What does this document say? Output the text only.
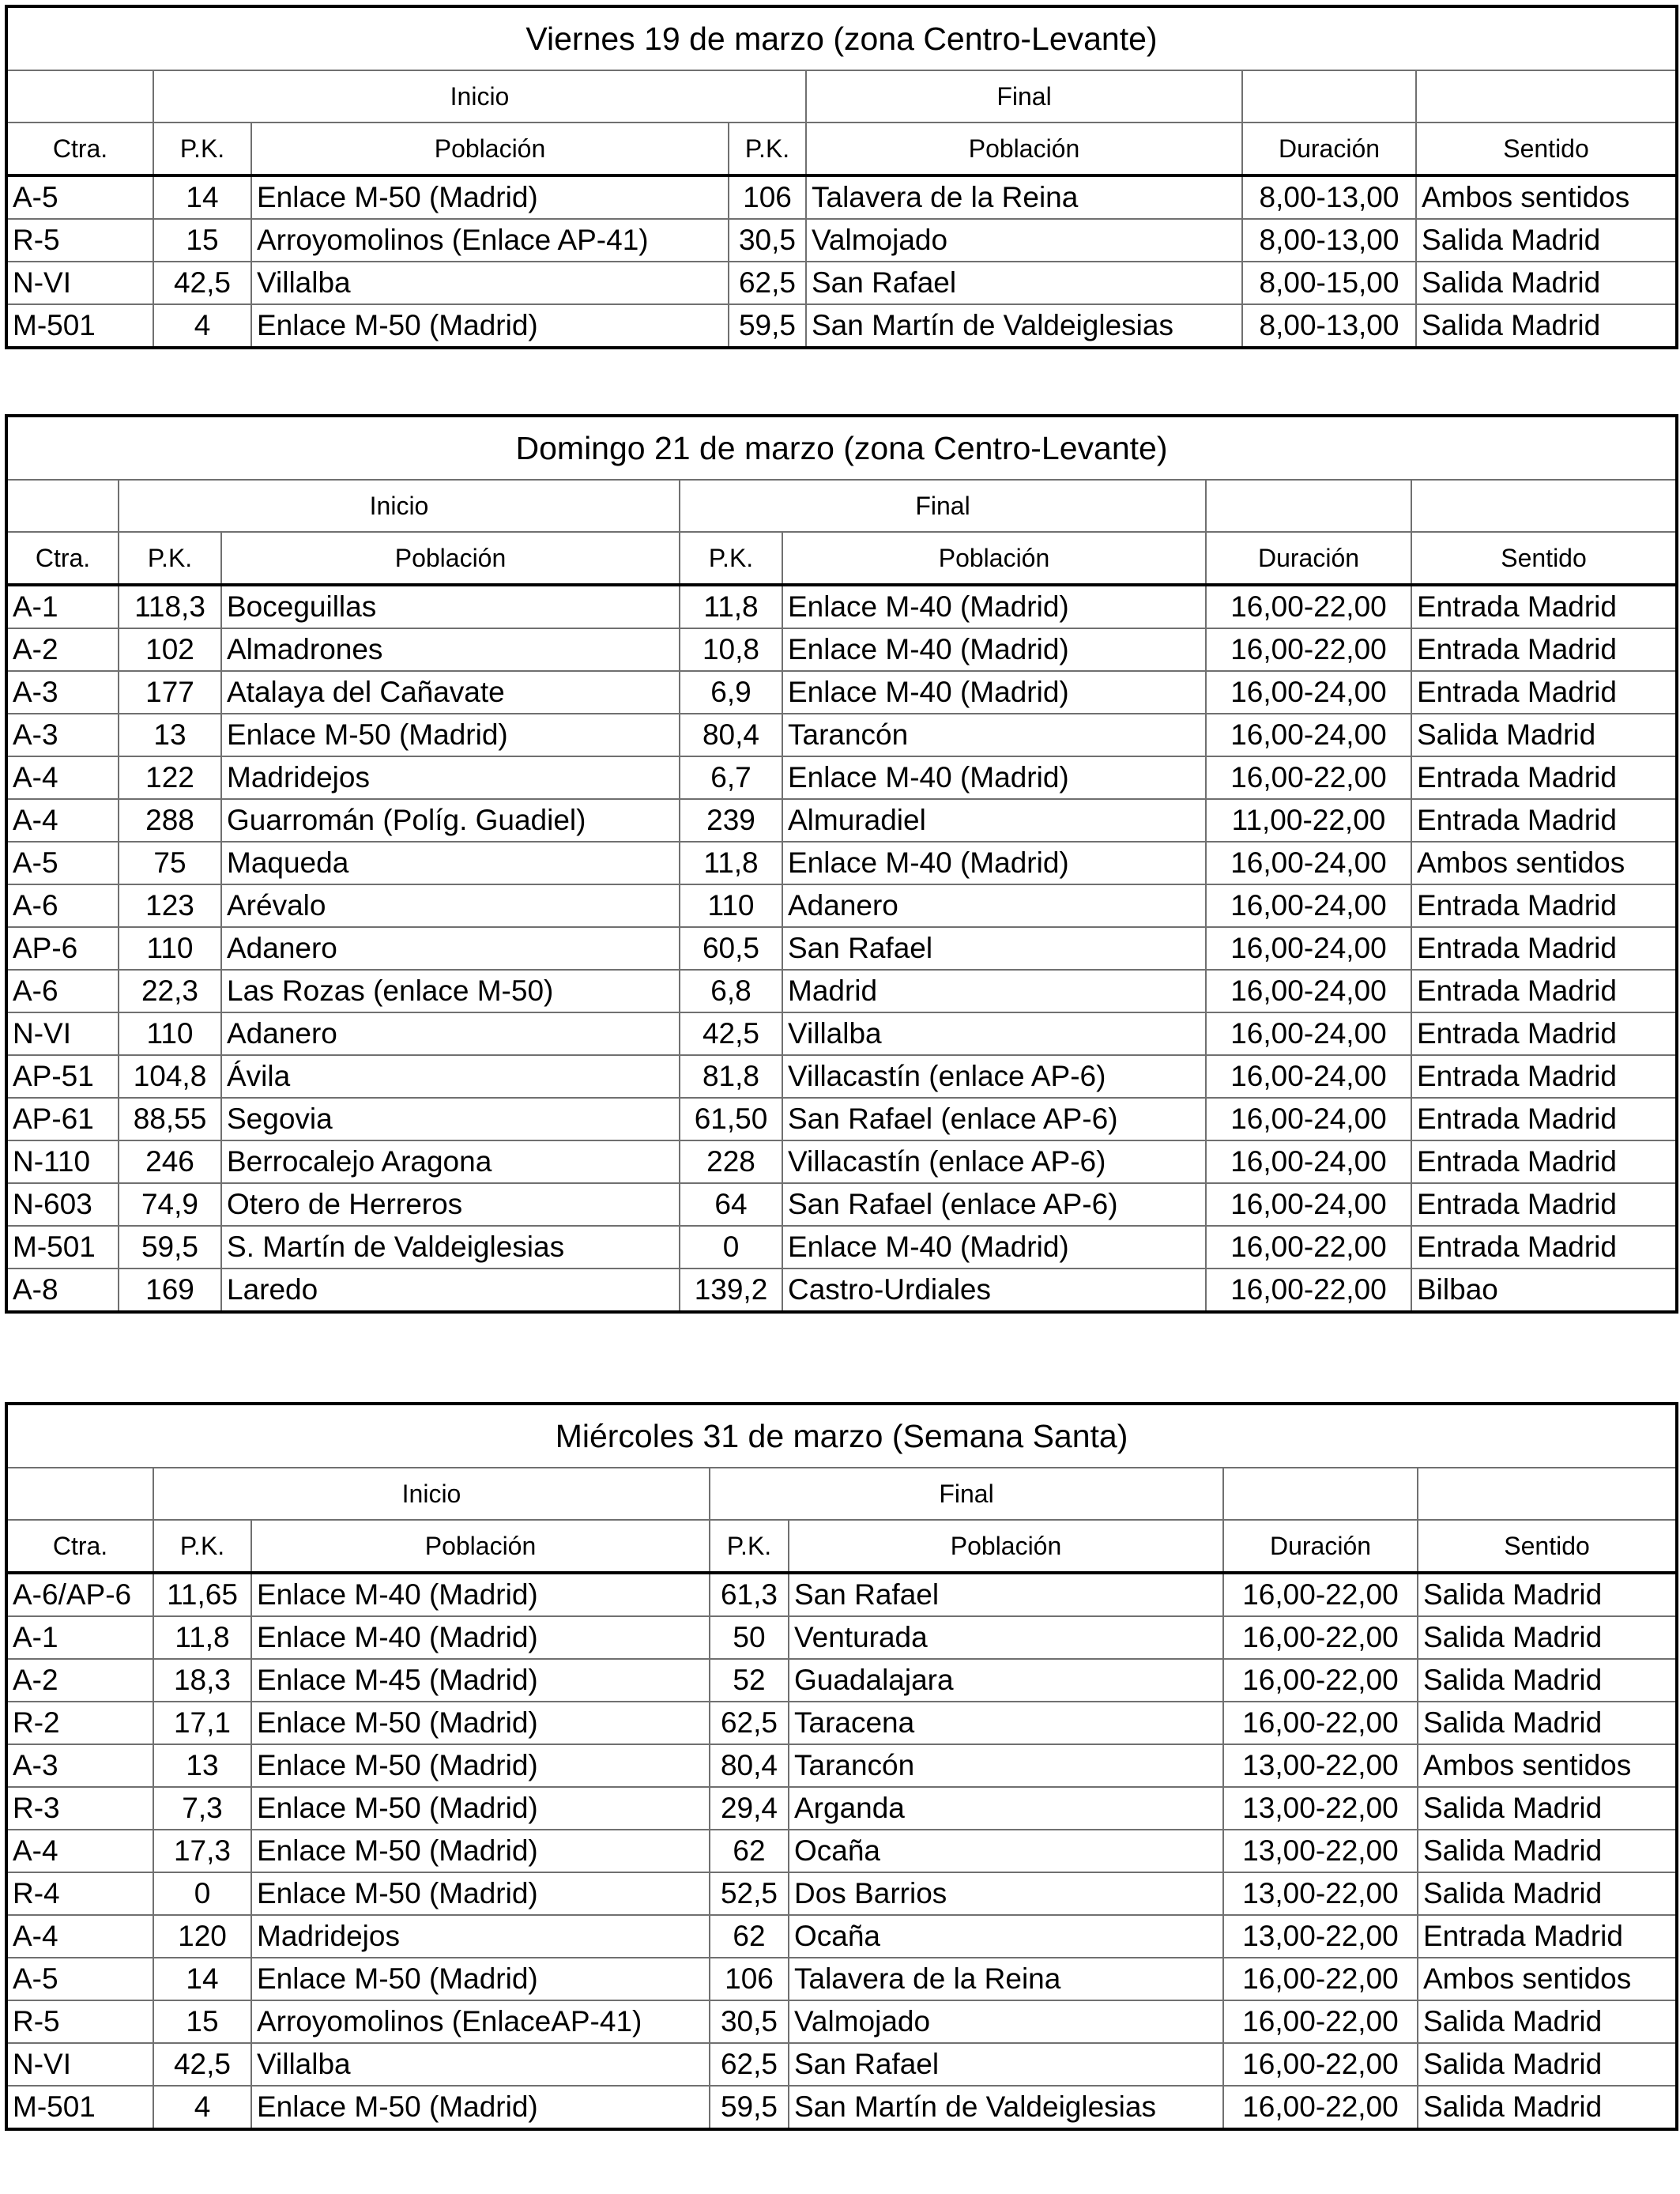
Viernes 19 de marzo (zona Centro-Levante)						
	Inicio			Final		
Ctra.	P.K.	Población	P.K.	Población	Duración	Sentido
A-5	14	Enlace M-50 (Madrid)	106	Talavera de la Reina	8,00-13,00	Ambos sentidos
R-5	15	Arroyomolinos (Enlace AP-41)	30,5	Valmojado	8,00-13,00	Salida Madrid
N-VI	42,5	Villalba	62,5	San Rafael	8,00-15,00	Salida Madrid
M-501	4	Enlace M-50 (Madrid)	59,5	San Martín de Valdeiglesias	8,00-13,00	Salida Madrid
Domingo 21 de marzo (zona Centro-Levante)						
	Inicio		Final			
Ctra.	P.K.	Población	P.K.	Población	Duración	Sentido
A-1	118,3	Boceguillas	11,8	Enlace M-40 (Madrid)	16,00-22,00	Entrada Madrid
A-2	102	Almadrones	10,8	Enlace M-40 (Madrid)	16,00-22,00	Entrada Madrid
A-3	177	Atalaya del Cañavate	6,9	Enlace M-40 (Madrid)	16,00-24,00	Entrada Madrid
A-3	13	Enlace M-50 (Madrid)	80,4	Tarancón	16,00-24,00	Salida Madrid
A-4	122	Madridejos	6,7	Enlace M-40 (Madrid)	16,00-22,00	Entrada Madrid
A-4	288	Guarromán (Políg. Guadiel)	239	Almuradiel	11,00-22,00	Entrada Madrid
A-5	75	Maqueda	11,8	Enlace M-40 (Madrid)	16,00-24,00	Ambos sentidos
A-6	123	Arévalo	110	Adanero	16,00-24,00	Entrada Madrid
AP-6	110	Adanero	60,5	San Rafael	16,00-24,00	Entrada Madrid
A-6	22,3	Las Rozas (enlace M-50)	6,8	Madrid	16,00-24,00	Entrada Madrid
N-VI	110	Adanero	42,5	Villalba	16,00-24,00	Entrada Madrid
AP-51	104,8	Ávila	81,8	Villacastín (enlace AP-6)	16,00-24,00	Entrada Madrid
AP-61	88,55	Segovia	61,50	San Rafael (enlace AP-6)	16,00-24,00	Entrada Madrid
N-110	246	Berrocalejo Aragona	228	Villacastín (enlace AP-6)	16,00-24,00	Entrada Madrid
N-603	74,9	Otero de Herreros	64	San Rafael (enlace AP-6)	16,00-24,00	Entrada Madrid
M-501	59,5	S. Martín de Valdeiglesias	0	Enlace M-40 (Madrid)	16,00-22,00	Entrada Madrid
A-8	169	Laredo	139,2	Castro-Urdiales	16,00-22,00	Bilbao
Miércoles 31 de marzo (Semana Santa)						
	Inicio		Final			
Ctra.	P.K.	Población	P.K.	Población	Duración	Sentido
A-6/AP-6	11,65	Enlace M-40 (Madrid)	61,3	San Rafael	16,00-22,00	Salida Madrid
A-1	11,8	Enlace M-40 (Madrid)	50	Venturada	16,00-22,00	Salida Madrid
A-2	18,3	Enlace M-45 (Madrid)	52	Guadalajara	16,00-22,00	Salida Madrid
R-2	17,1	Enlace M-50 (Madrid)	62,5	Taracena	16,00-22,00	Salida Madrid
A-3	13	Enlace M-50 (Madrid)	80,4	Tarancón	13,00-22,00	Ambos sentidos
R-3	7,3	Enlace M-50 (Madrid)	29,4	Arganda	13,00-22,00	Salida Madrid
A-4	17,3	Enlace M-50 (Madrid)	62	Ocaña	13,00-22,00	Salida Madrid
R-4	0	Enlace M-50 (Madrid)	52,5	Dos Barrios	13,00-22,00	Salida Madrid
A-4	120	Madridejos	62	Ocaña	13,00-22,00	Entrada Madrid
A-5	14	Enlace M-50 (Madrid)	106	Talavera de la Reina	16,00-22,00	Ambos sentidos
R-5	15	Arroyomolinos (EnlaceAP-41)	30,5	Valmojado	16,00-22,00	Salida Madrid
N-VI	42,5	Villalba	62,5	San Rafael	16,00-22,00	Salida Madrid
M-501	4	Enlace M-50 (Madrid)	59,5	San Martín de Valdeiglesias	16,00-22,00	Salida Madrid
